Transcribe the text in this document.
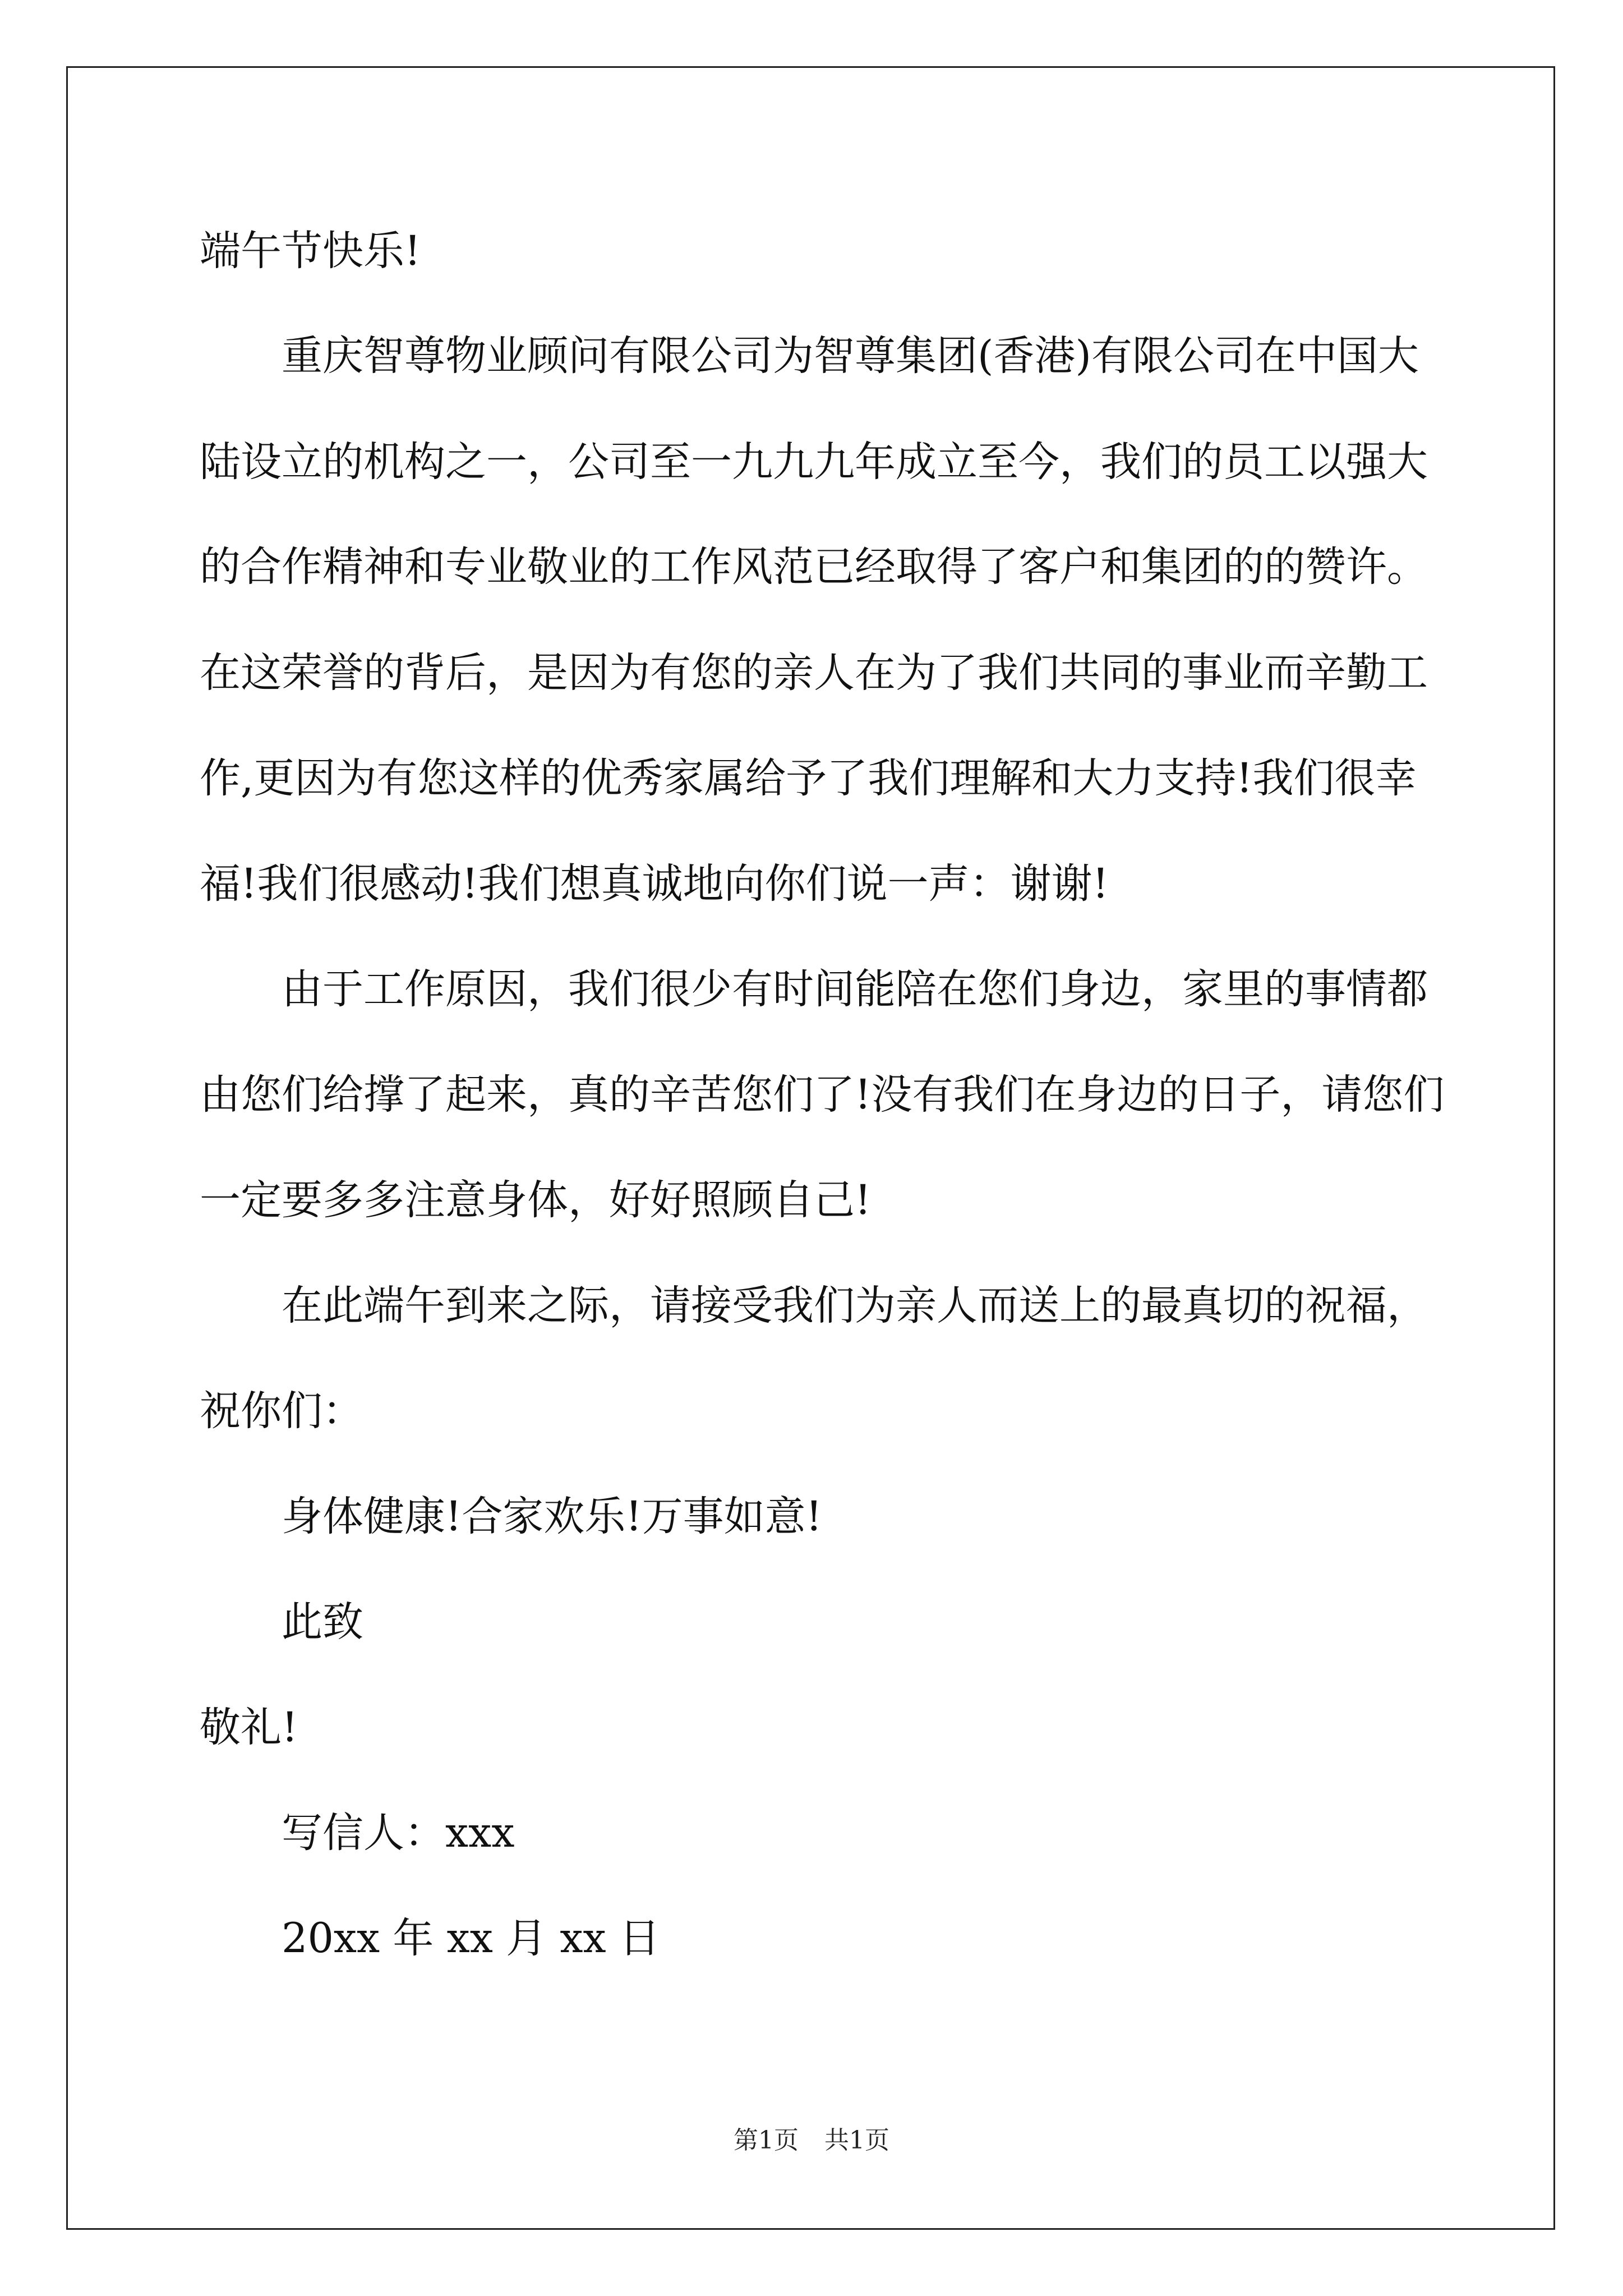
端午节快乐!
重庆智尊物业顾问有限公司为智尊集团(香港)有限公司在中国大
陆设立的机构之一，公司至一九九九年成立至今，我们的员工以强大
的合作精神和专业敬业的工作风范已经取得了客户和集团的的赞许。
在这荣誉的背后，是因为有您的亲人在为了我们共同的事业而辛勤工
作,更因为有您这样的优秀家属给予了我们理解和大力支持!我们很幸
福!我们很感动!我们想真诚地向你们说一声：谢谢!
由于工作原因，我们很少有时间能陪在您们身边，家里的事情都
由您们给撑了起来，真的辛苦您们了!没有我们在身边的日子，请您们
一定要多多注意身体，好好照顾自己!
在此端午到来之际，请接受我们为亲人而送上的最真切的祝福，
祝你们：
身体健康!合家欢乐!万事如意!
此致
敬礼!
写信人：xxx
20xx 年 xx 月 xx 日
第1页 共1页
